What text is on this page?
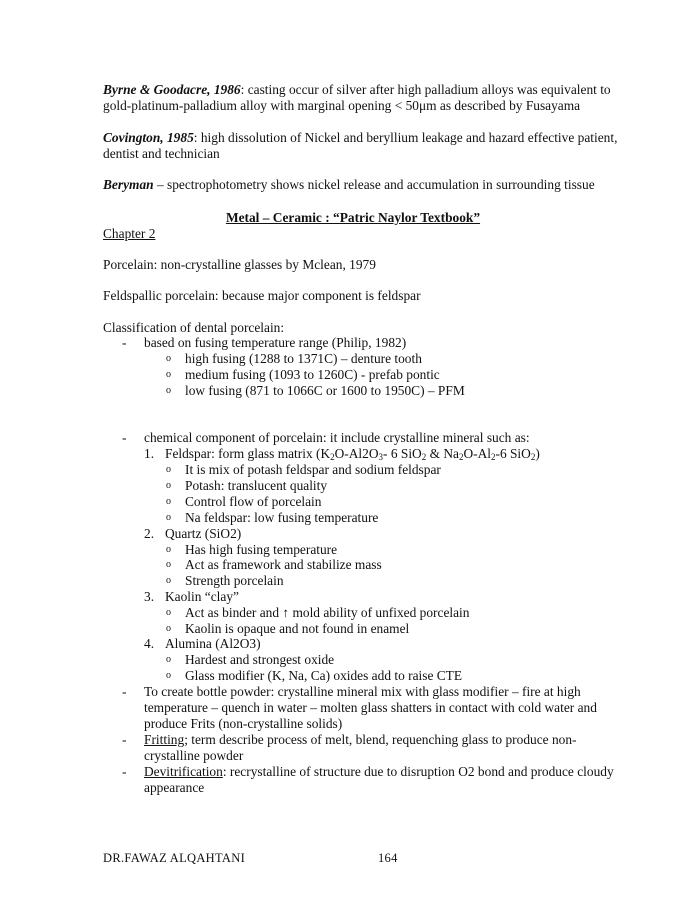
Byrne & Goodacre, 1986: casting occur of silver after high palladium alloys was equivalent to gold-platinum-palladium alloy with marginal opening < 50μm as described by Fusayama

Covington, 1985: high dissolution of Nickel and beryllium leakage and hazard effective patient, dentist and technician

Beryman – spectrophotometry shows nickel release and accumulation in surrounding tissue

Metal – Ceramic : “Patric Naylor Textbook”

Chapter 2

Porcelain: non-crystalline glasses by Mclean, 1979

Feldspallic porcelain: because major component is feldspar

Classification of dental porcelain:

- based on fusing temperature range (Philip, 1982)
o high fusing (1288 to 1371C) – denture tooth
o medium fusing (1093 to 1260C) - prefab pontic
o low fusing (871 to 1066C or 1600 to 1950C) – PFM
- chemical component of porcelain: it include crystalline mineral such as:
1. Feldspar: form glass matrix ($K_2O-Al2O_3-$ 6 SiO$_2$ & $Na_2O-Al_2-6$ SiO$_2$)
o It is mix of potash feldspar and sodium feldspar
o Potash: translucent quality
o Control flow of porcelain
o Na feldspar: low fusing temperature
2. Quartz (SiO2)
o Has high fusing temperature
o Act as framework and stabilize mass
o Strength porcelain
3. Kaolin “clay”
o Act as binder and ↑ mold ability of unfixed porcelain
o Kaolin is opaque and not found in enamel
4. Alumina (Al2O3)
o Hardest and strongest oxide
o Glass modifier (K, Na, Ca) oxides add to raise CTE
- To create bottle powder: crystalline mineral mix with glass modifier – fire at high temperature – quench in water – molten glass shatters in contact with cold water and produce Frits (non-crystalline solids)
- Fritting; term describe process of melt, blend, requenching glass to produce non-crystalline powder
- Devitrification: recrystalline of structure due to disruption O2 bond and produce cloudy appearance
DR.FAWAZ ALQAHTANI	164
